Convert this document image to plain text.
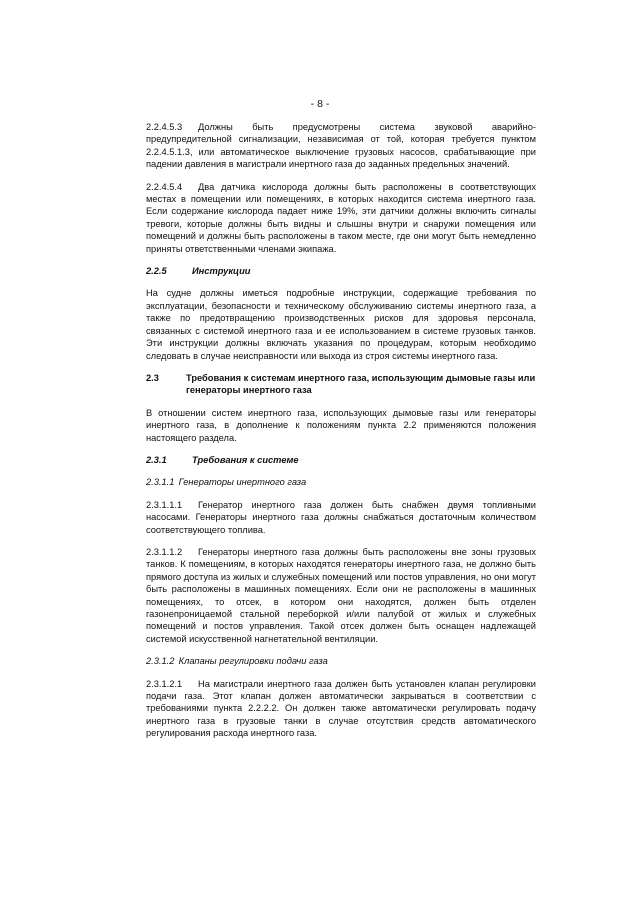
- 8 -

2.2.4.5.3 Должны быть предусмотрены система звуковой аварийно-предупредительной сигнализации, независимая от той, которая требуется пунктом 2.2.4.5.1.3, или автоматическое выключение грузовых насосов, срабатывающие при падении давления в магистрали инертного газа до заданных предельных значений.

2.2.4.5.4 Два датчика кислорода должны быть расположены в соответствующих местах в помещении или помещениях, в которых находится система инертного газа. Если содержание кислорода падает ниже 19%, эти датчики должны включить сигналы тревоги, которые должны быть видны и слышны внутри и снаружи помещения или помещений и должны быть расположены в таком месте, где они могут быть немедленно приняты ответственными членами экипажа.

2.2.5	Инструкции

На судне должны иметься подробные инструкции, содержащие требования по эксплуатации, безопасности и техническому обслуживанию системы инертного газа, а также по предотвращению производственных рисков для здоровья персонала, связанных с системой инертного газа и ее использованием в системе грузовых танков. Эти инструкции должны включать указания по процедурам, которым необходимо следовать в случае неисправности или выхода из строя системы инертного газа.

2.3	Требования к системам инертного газа, использующим дымовые газы или генераторы инертного газа

В отношении систем инертного газа, использующих дымовые газы или генераторы инертного газа, в дополнение к положениям пункта 2.2 применяются положения настоящего раздела.

2.3.1	Требования к системе
2.3.1.1 Генераторы инертного газа

2.3.1.1.1 Генератор инертного газа должен быть снабжен двумя топливными насосами. Генераторы инертного газа должны снабжаться достаточным количеством соответствующего топлива.

2.3.1.1.2 Генераторы инертного газа должны быть расположены вне зоны грузовых танков. К помещениям, в которых находятся генераторы инертного газа, не должно быть прямого доступа из жилых и служебных помещений или постов управления, но они могут быть расположены в машинных помещениях. Если они не расположены в машинных помещениях, то отсек, в котором они находятся, должен быть отделен газонепроницаемой стальной переборкой и/или палубой от жилых и служебных помещений и постов управления. Такой отсек должен быть оснащен надлежащей системой искусственной нагнетательной вентиляции.

2.3.1.2 Клапаны регулировки подачи газа

2.3.1.2.1 На магистрали инертного газа должен быть установлен клапан регулировки подачи газа. Этот клапан должен автоматически закрываться в соответствии с требованиями пункта 2.2.2.2. Он должен также автоматически регулировать подачу инертного газа в грузовые танки в случае отсутствия средств автоматического регулирования расхода инертного газа.
